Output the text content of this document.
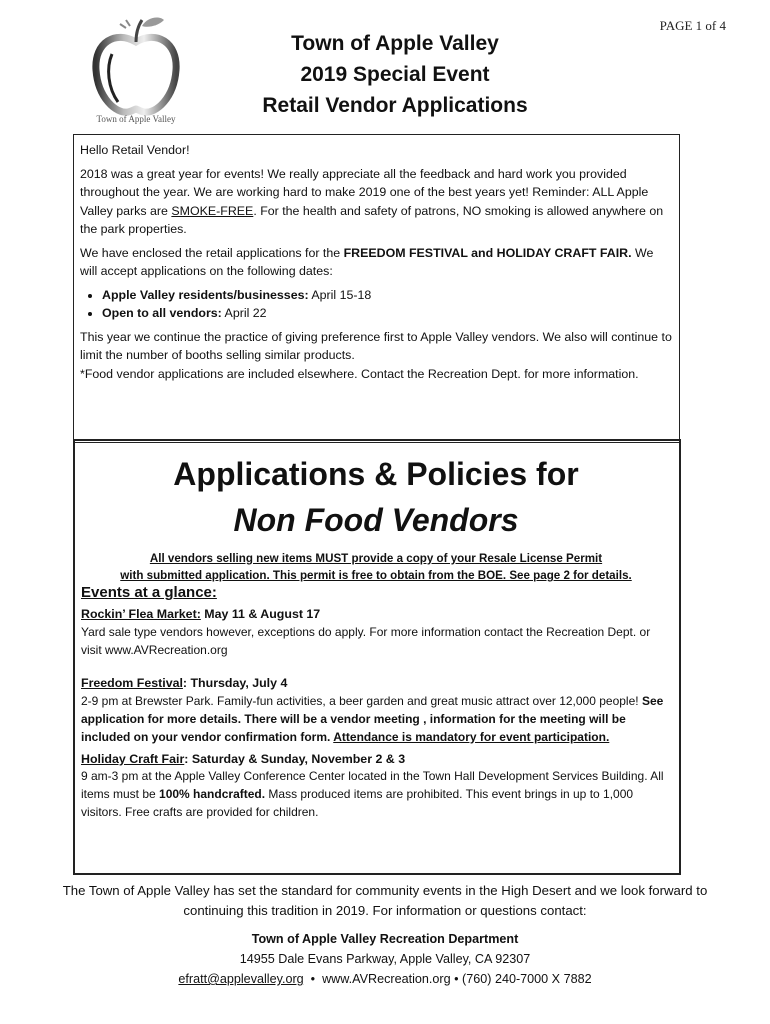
PAGE 1 of 4
Town of Apple Valley
Town of Apple Valley
2019 Special Event
Retail Vendor Applications

Hello Retail Vendor!

2018 was a great year for events! We really appreciate all the feedback and hard work you provided throughout the year. We are working hard to make 2019 one of the best years yet! Reminder: ALL Apple Valley parks are SMOKE-FREE. For the health and safety of patrons, NO smoking is allowed anywhere on the park properties.

We have enclosed the retail applications for the FREEDOM FESTIVAL and HOLIDAY CRAFT FAIR. We will accept applications on the following dates:

• Apple Valley residents/businesses: April 15-18
• Open to all vendors: April 22

This year we continue the practice of giving preference first to Apple Valley vendors. We also will continue to limit the number of booths selling similar products.

*Food vendor applications are included elsewhere. Contact the Recreation Dept. for more information.

Applications & Policies for
Non Food Vendors
All vendors selling new items MUST provide a copy of your Resale License Permit
with submitted application. This permit is free to obtain from the BOE. See page 2 for details.
Events at a glance:
Rockin’ Flea Market: May 11 & August 17

Yard sale type vendors however, exceptions do apply. For more information contact the Recreation Dept. or visit www.AVRecreation.org

Freedom Festival: Thursday, July 4

2-9 pm at Brewster Park. Family-fun activities, a beer garden and great music attract over 12,000 people! See application for more details. There will be a vendor meeting , information for the meeting will be included on your vendor confirmation form. Attendance is mandatory for event participation.

Holiday Craft Fair: Saturday & Sunday, November 2 & 3

9 am-3 pm at the Apple Valley Conference Center located in the Town Hall Development Services Building. All items must be 100% handcrafted. Mass produced items are prohibited. This event brings in up to 1,000 visitors. Free crafts are provided for children.

The Town of Apple Valley has set the standard for community events in the High Desert and we look forward to continuing this tradition in 2019. For information or questions contact:
Town of Apple Valley Recreation Department
14955 Dale Evans Parkway, Apple Valley, CA 92307
efratt@applevalley.org  •  www.AVRecreation.org • (760) 240-7000 X 7882
